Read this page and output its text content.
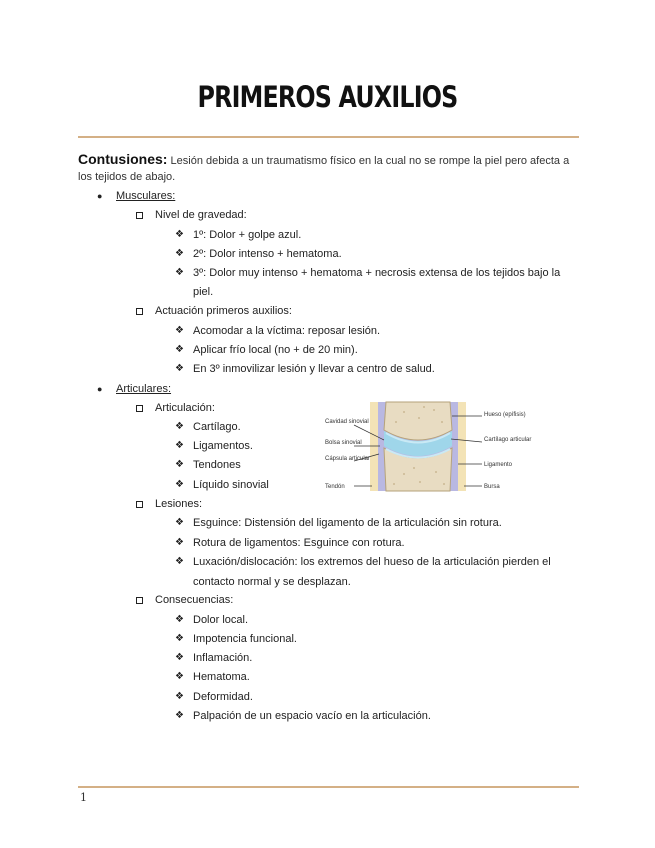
PRIMEROS AUXILIOS
Contusiones: Lesión debida a un traumatismo físico en la cual no se rompe la piel pero afecta a los tejidos de abajo.
● Musculares:
Nivel de gravedad:
❖ 1º: Dolor + golpe azul.
❖ 2º: Dolor intenso + hematoma.
❖ 3º: Dolor muy intenso + hematoma + necrosis extensa de los tejidos bajo la
piel.
Actuación primeros auxilios:
❖ Acomodar a la víctima: reposar lesión.
❖ Aplicar frío local (no + de 20 min).
❖ En 3º inmovilizar lesión y llevar a centro de salud.
● Articulares:
Articulación:
❖ Cartílago.
❖ Ligamentos.
❖ Tendones
❖ Líquido sinovial
Cavidad sinovial
Bolsa sinovial
Cápsula articular
Tendón
Hueso (epífisis)
Cartílago articular
Ligamento
Bursa
Lesiones:
❖ Esguince: Distensión del ligamento de la articulación sin rotura.
❖ Rotura de ligamentos: Esguince con rotura.
❖ Luxación/dislocación: los extremos del hueso de la articulación pierden el
contacto normal y se desplazan.
Consecuencias:
❖ Dolor local.
❖ Impotencia funcional.
❖ Inflamación.
❖ Hematoma.
❖ Deformidad.
❖ Palpación de un espacio vacío en la articulación.
1
